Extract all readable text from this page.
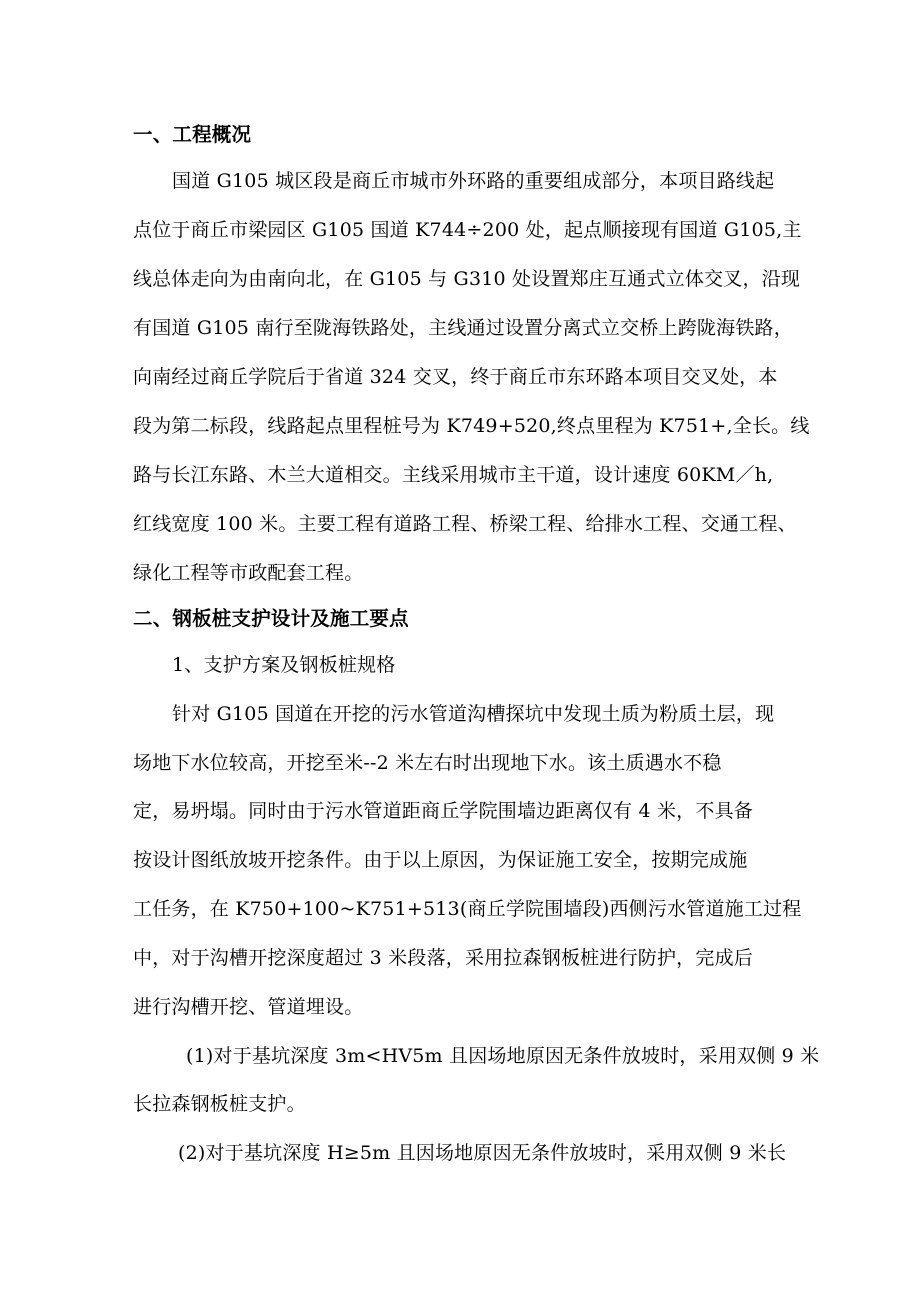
一、工程概况
国道 G105 城区段是商丘市城市外环路的重要组成部分，本项目路线起
点位于商丘市梁园区 G105 国道 K744÷200 处，起点顺接现有国道 G105,主
线总体走向为由南向北，在 G105 与 G310 处设置郑庄互通式立体交叉，沿现
有国道 G105 南行至陇海铁路处，主线通过设置分离式立交桥上跨陇海铁路，
向南经过商丘学院后于省道 324 交叉，终于商丘市东环路本项目交叉处，本
段为第二标段，线路起点里程桩号为 K749+520,终点里程为 K751+,全长。线
路与长江东路、木兰大道相交。主线采用城市主干道，设计速度 60KM／h,
红线宽度 100 米。主要工程有道路工程、桥梁工程、给排水工程、交通工程、
绿化工程等市政配套工程。
二、钢板桩支护设计及施工要点
1、支护方案及钢板桩规格
针对 G105 国道在开挖的污水管道沟槽探坑中发现土质为粉质土层，现
场地下水位较高，开挖至米--2 米左右时出现地下水。该土质遇水不稳
定，易坍塌。同时由于污水管道距商丘学院围墙边距离仅有 4 米，不具备
按设计图纸放坡开挖条件。由于以上原因，为保证施工安全，按期完成施
工任务，在 K750+100~K751+513(商丘学院围墙段)西侧污水管道施工过程
中，对于沟槽开挖深度超过 3 米段落，采用拉森钢板桩进行防护，完成后
进行沟槽开挖、管道埋设。
(1)对于基坑深度 3m<HV5m 且因场地原因无条件放坡时，采用双侧 9 米
长拉森钢板桩支护。
(2)对于基坑深度 H≥5m 且因场地原因无条件放坡时，采用双侧 9 米长
